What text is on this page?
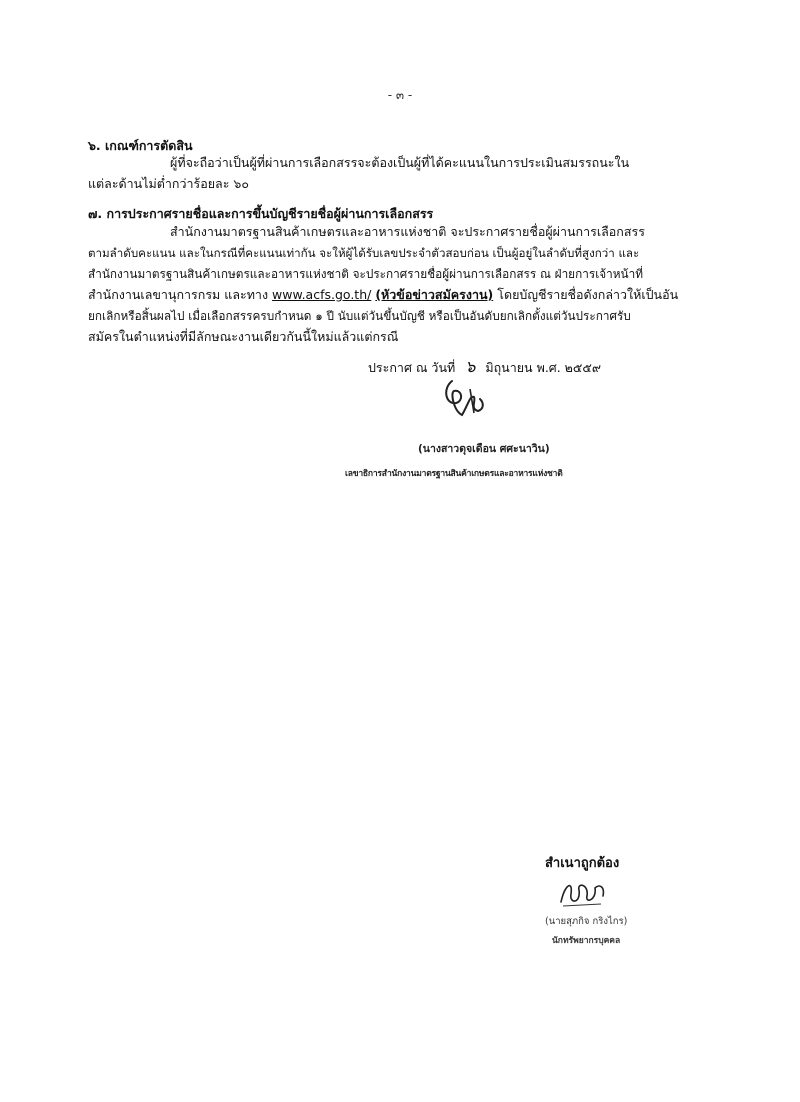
- ๓ -
๖. เกณฑ์การตัดสิน
ผู้ที่จะถือว่าเป็นผู้ที่ผ่านการเลือกสรรจะต้องเป็นผู้ที่ได้คะแนนในการประเมินสมรรถนะใน
แต่ละด้านไม่ต่ำกว่าร้อยละ ๖๐
๗. การประกาศรายชื่อและการขึ้นบัญชีรายชื่อผู้ผ่านการเลือกสรร
สำนักงานมาตรฐานสินค้าเกษตรและอาหารแห่งชาติ จะประกาศรายชื่อผู้ผ่านการเลือกสรร
ตามลำดับคะแนน และในกรณีที่คะแนนเท่ากัน จะให้ผู้ได้รับเลขประจำตัวสอบก่อน เป็นผู้อยู่ในลำดับที่สูงกว่า และ
สำนักงานมาตรฐานสินค้าเกษตรและอาหารแห่งชาติ จะประกาศรายชื่อผู้ผ่านการเลือกสรร ณ ฝ่ายการเจ้าหน้าที่
สำนักงานเลขานุการกรม และทาง www.acfs.go.th/ (หัวข้อข่าวสมัครงาน) โดยบัญชีรายชื่อดังกล่าวให้เป็นอัน
ยกเลิกหรือสิ้นผลไป เมื่อเลือกสรรครบกำหนด ๑ ปี นับแต่วันขึ้นบัญชี หรือเป็นอันดับยกเลิกตั้งแต่วันประกาศรับ
สมัครในตำแหน่งที่มีลักษณะงานเดียวกันนี้ใหม่แล้วแต่กรณี
ประกาศ ณ วันที่ ๖ มิถุนายน พ.ศ. ๒๕๕๙
(นางสาวดุจเดือน ศศะนาวิน)
เลขาธิการสำนักงานมาตรฐานสินค้าเกษตรและอาหารแห่งชาติ
สำเนาถูกต้อง
(นายสุภกิจ กริงไกร)
นักทรัพยากรบุคคล
